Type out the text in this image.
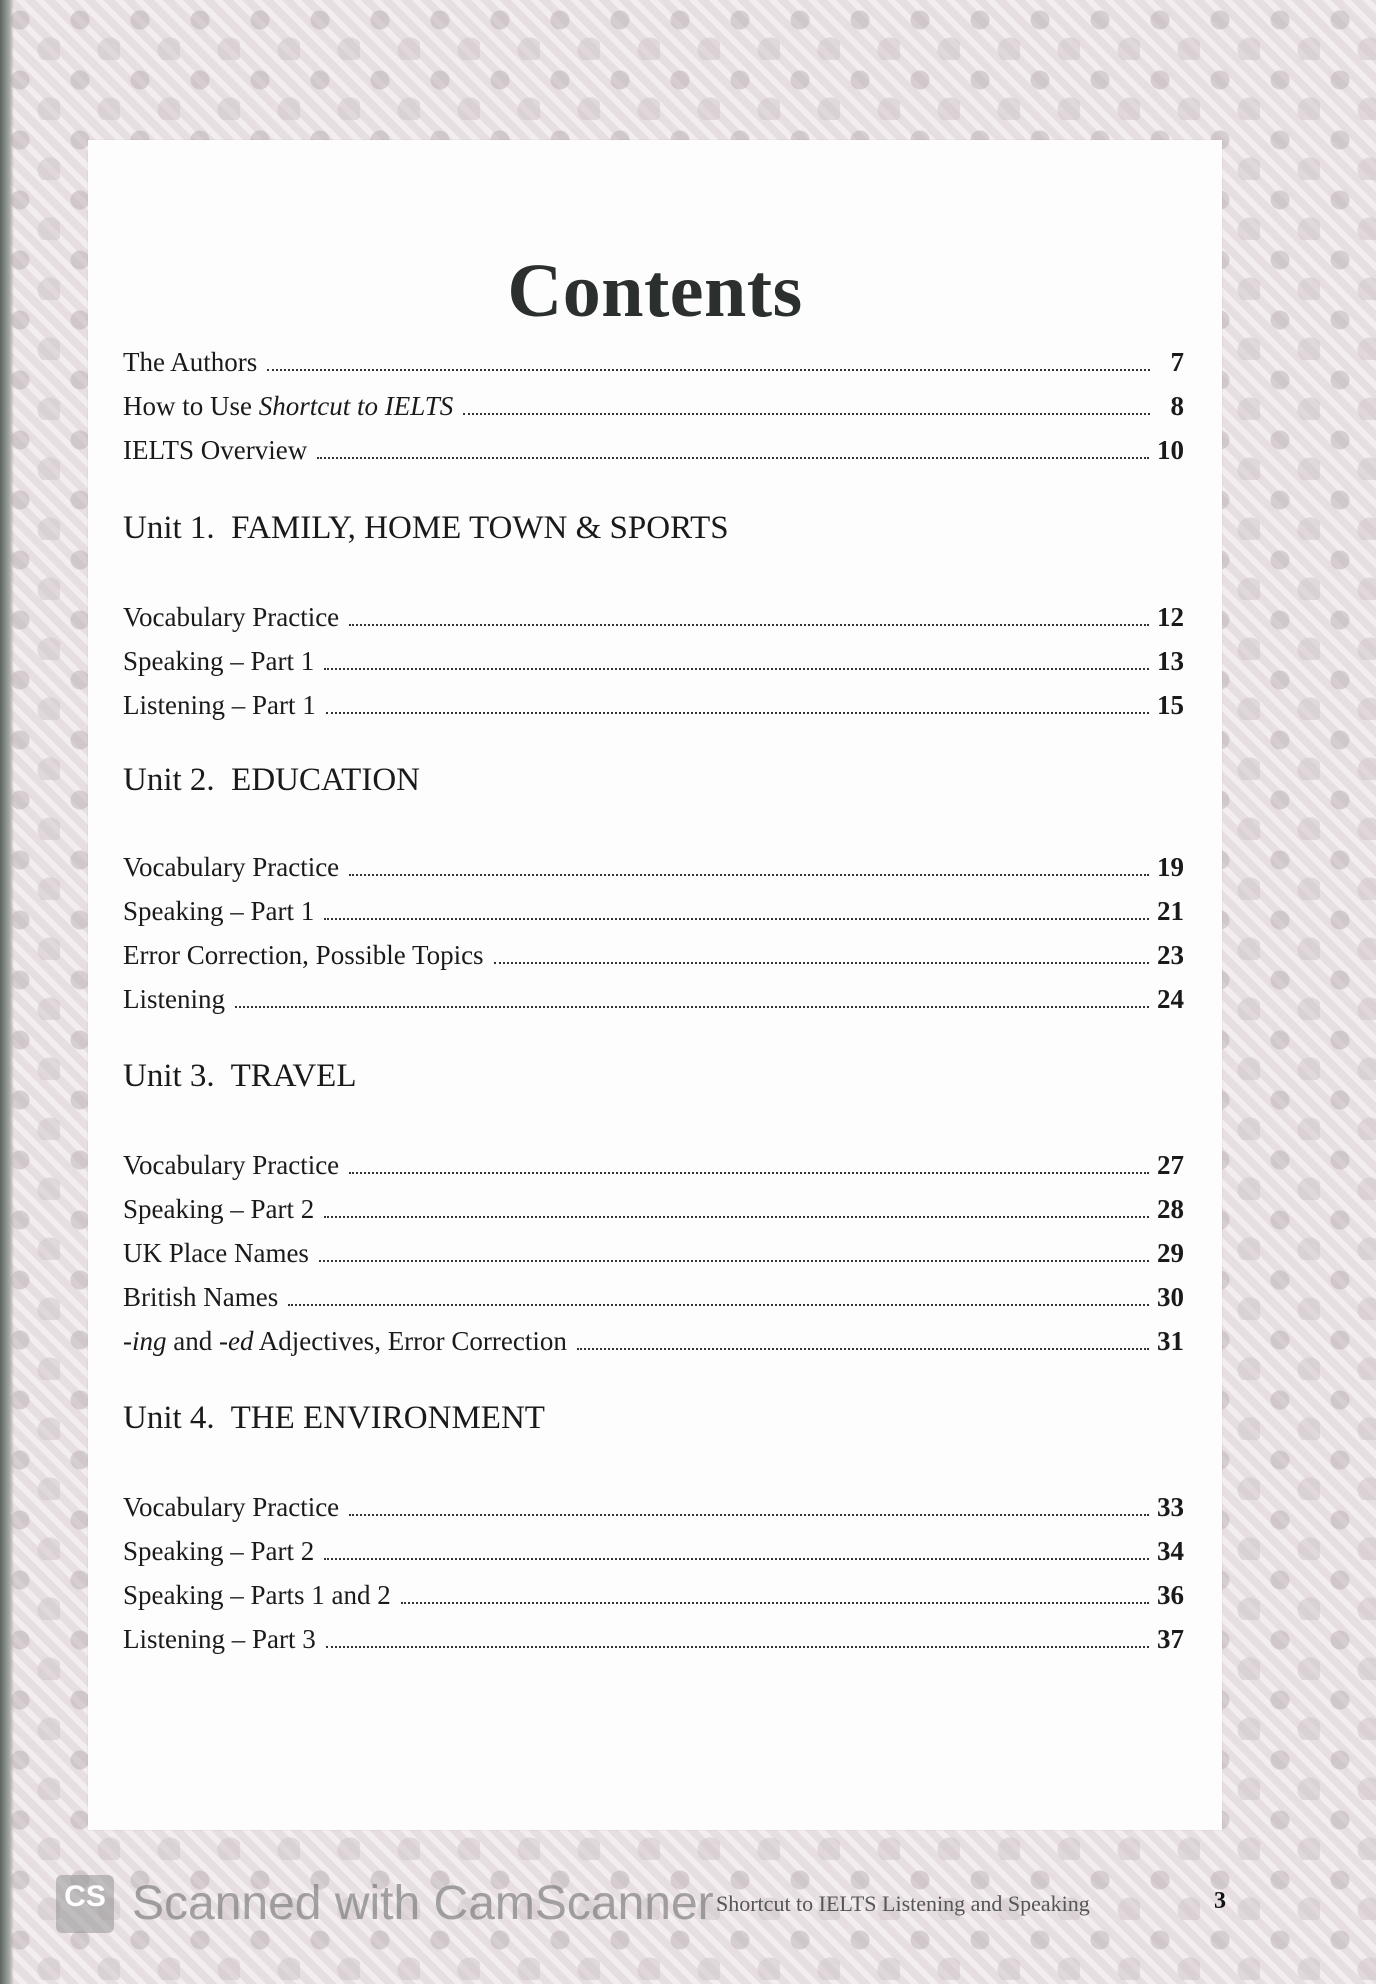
Contents
The Authors	7
How to Use Shortcut to IELTS	8
IELTS Overview	10
Unit 1. FAMILY, HOME TOWN & SPORTS
Vocabulary Practice	12
Speaking – Part 1	13
Listening – Part 1	15
Unit 2. EDUCATION
Vocabulary Practice	19
Speaking – Part 1	21
Error Correction, Possible Topics	23
Listening	24
Unit 3. TRAVEL
Vocabulary Practice	27
Speaking – Part 2	28
UK Place Names	29
British Names	30
-ing and -ed Adjectives, Error Correction	31
Unit 4. THE ENVIRONMENT
Vocabulary Practice	33
Speaking – Part 2	34
Speaking – Parts 1 and 2	36
Listening – Part 3	37
CS Scanned with CamScanner Shortcut to IELTS Listening and Speaking	3
